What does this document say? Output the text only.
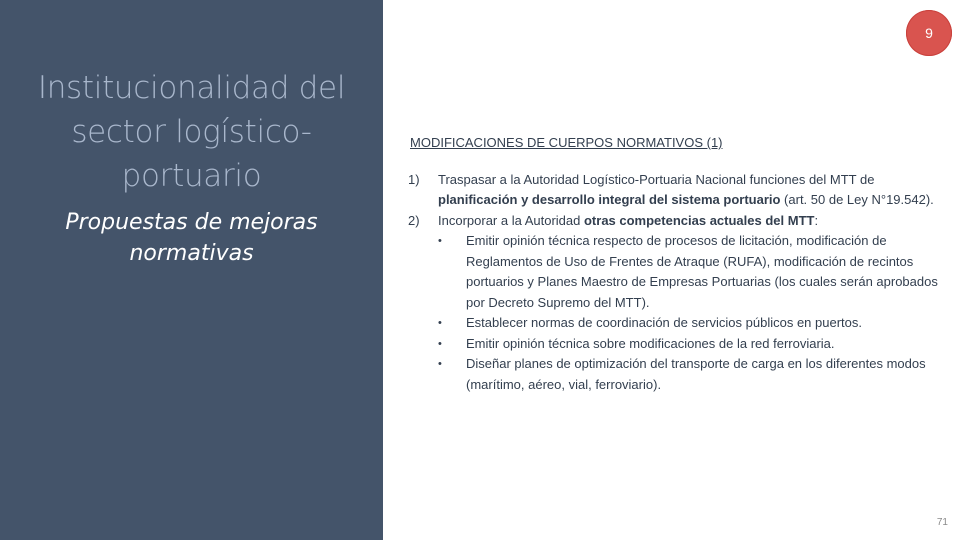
Institucionalidad del sector logístico-portuario
Propuestas de mejoras normativas
9
MODIFICACIONES DE CUERPOS NORMATIVOS (1)
1) Traspasar a la Autoridad Logístico-Portuaria Nacional funciones del MTT de planificación y desarrollo integral del sistema portuario (art. 50 de Ley N°19.542).
2) Incorporar a la Autoridad otras competencias actuales del MTT:
• Emitir opinión técnica respecto de procesos de licitación, modificación de Reglamentos de Uso de Frentes de Atraque (RUFA), modificación de recintos portuarios y Planes Maestro de Empresas Portuarias (los cuales serán aprobados por Decreto Supremo del MTT).
• Establecer normas de coordinación de servicios públicos en puertos.
• Emitir opinión técnica sobre modificaciones de la red ferroviaria.
• Diseñar planes de optimización del transporte de carga en los diferentes modos (marítimo, aéreo, vial, ferroviario).
71
